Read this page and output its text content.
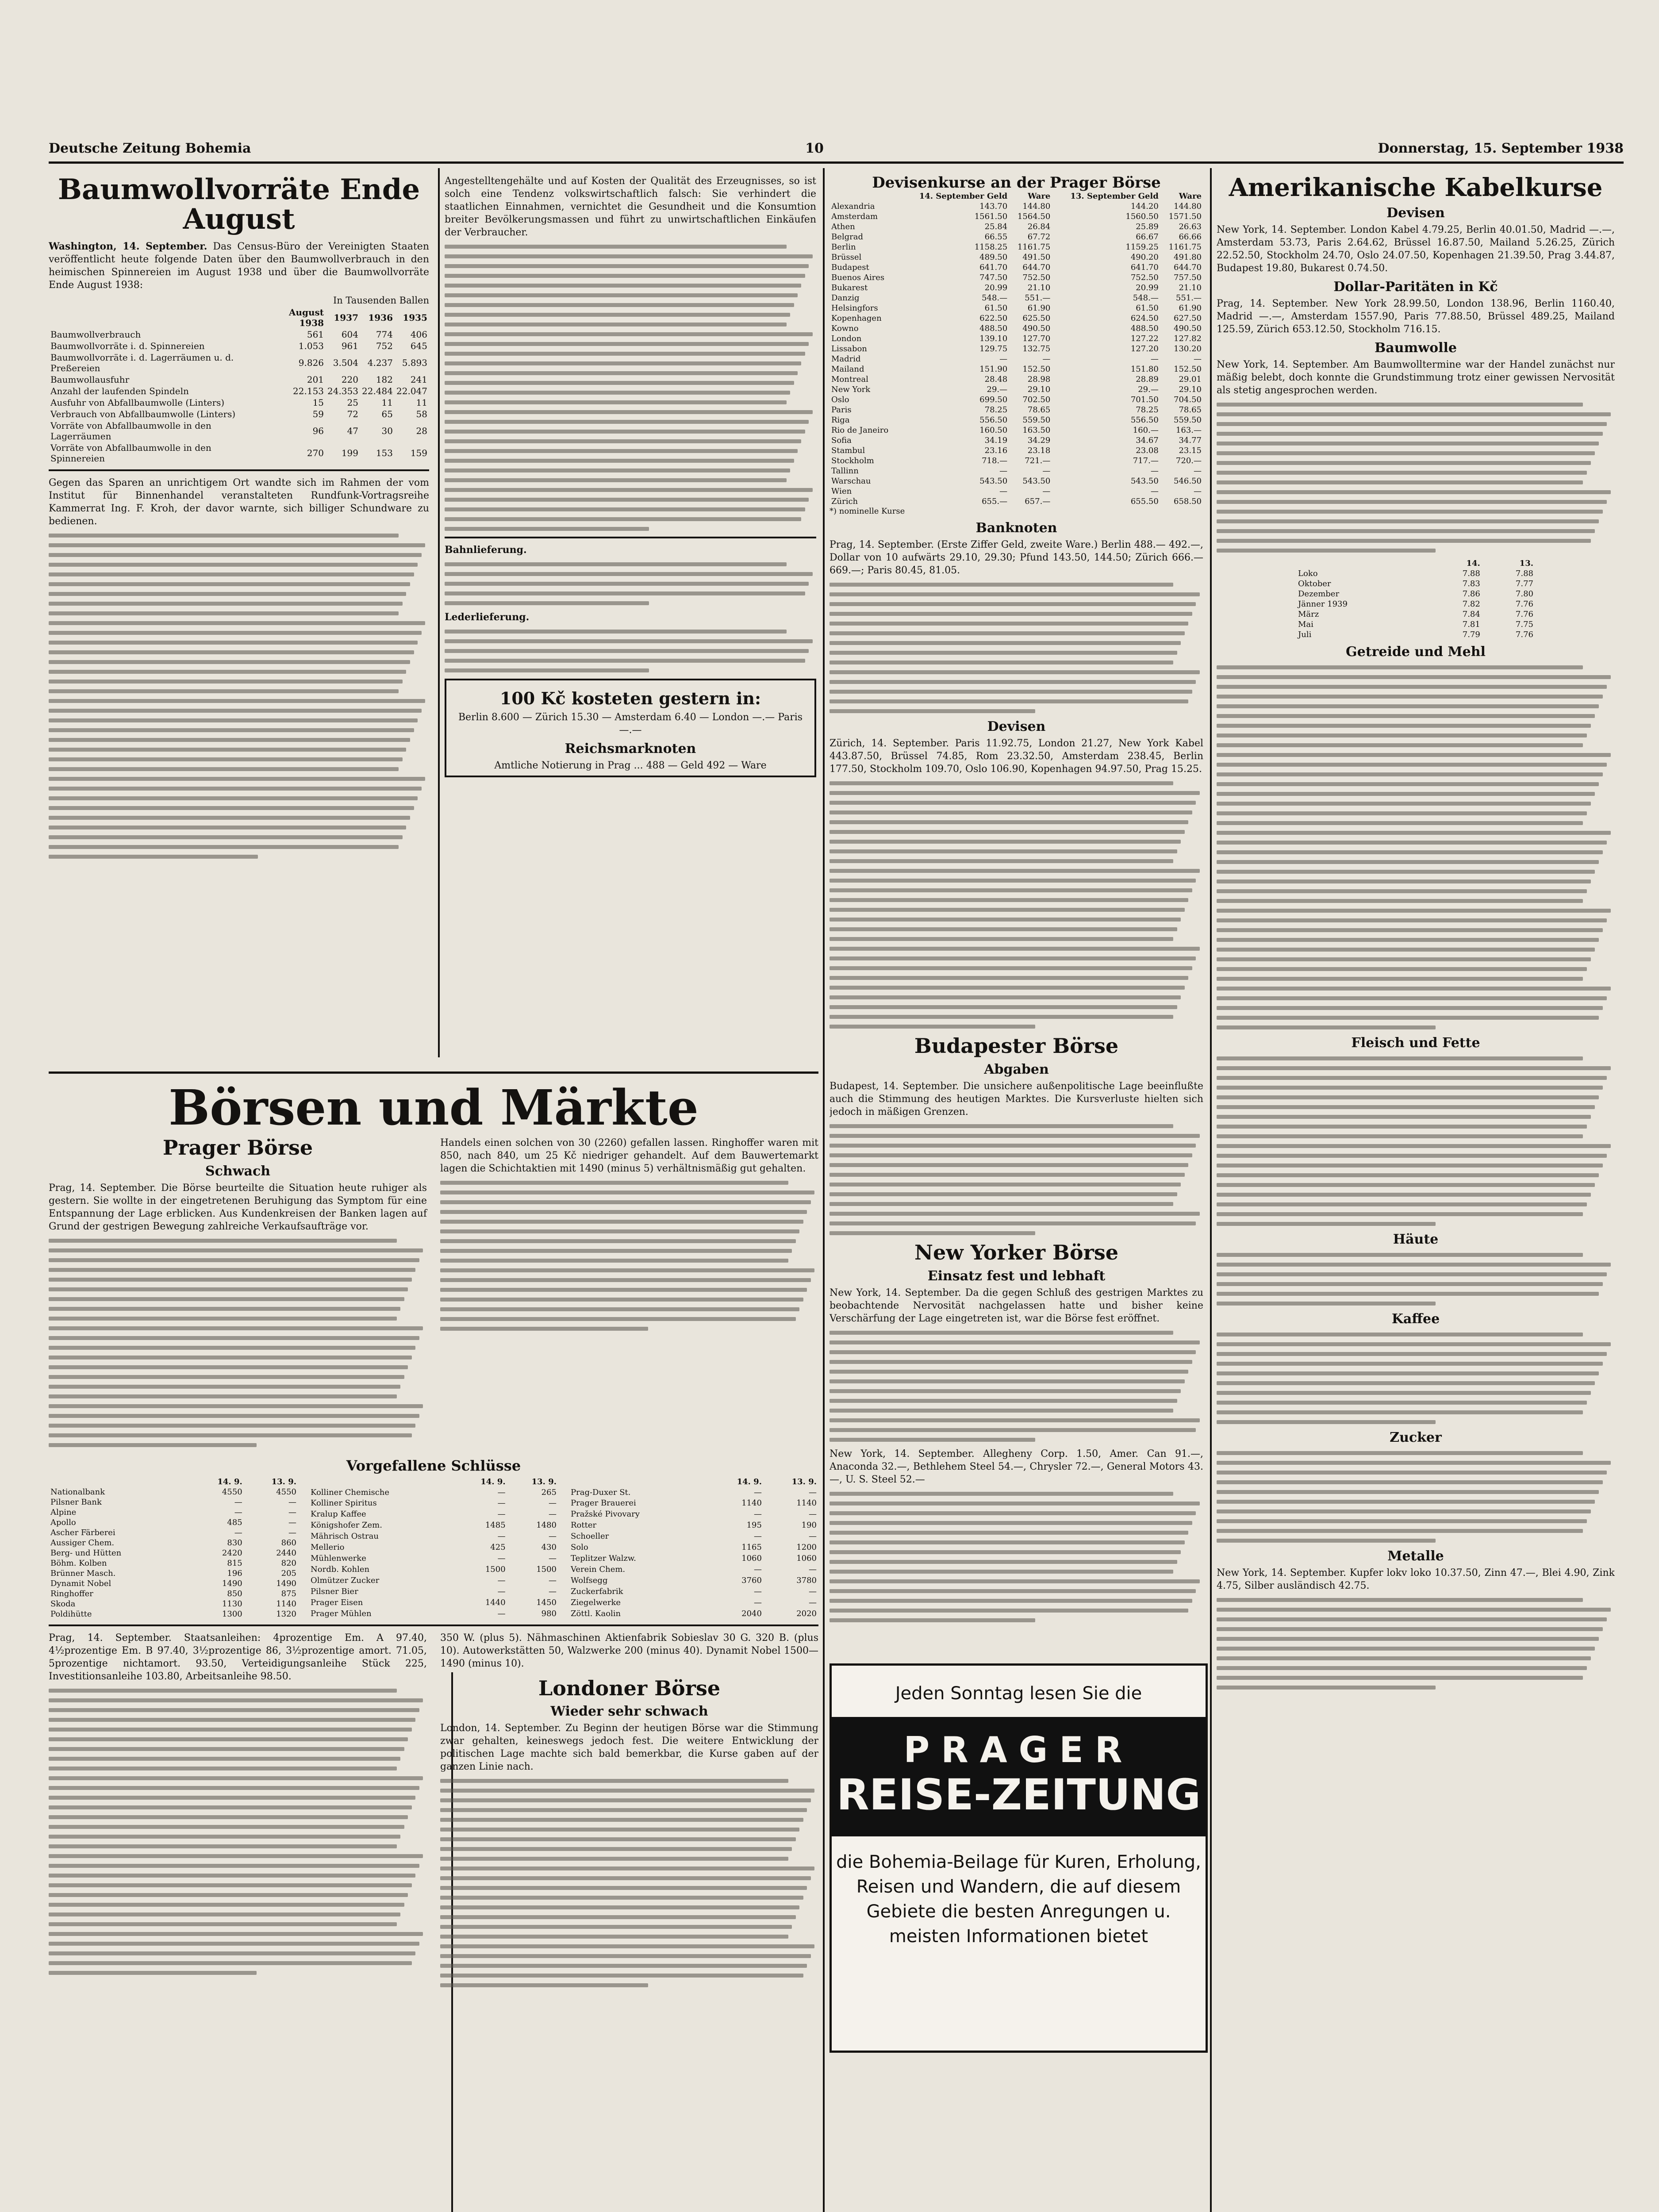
Deutsche Zeitung Bohemia	10	Donnerstag, 15. September 1938
Baumwollvorräte Ende August

Washington, 14. September. Das Census-Büro der Vereinigten Staaten veröffentlicht heute folgende Daten über den Baumwollverbrauch in den heimischen Spinnereien im August 1938 und über die Baumwollvorräte Ende August 1938:

In Tausenden Ballen
	August 1938	1937	1936	1935
Baumwollverbrauch	561	604	774	406
Baumwollvorräte i. d. Spinnereien	1.053	961	752	645
Baumwollvorräte i. d. Lagerräumen u. d. Preßereien	9.826	3.504	4.237	5.893
Baumwollausfuhr	201	220	182	241
Anzahl der laufenden Spindeln	22.153	24.353	22.484	22.047
Ausfuhr von Abfallbaumwolle (Linters)	15	25	11	11
Verbrauch von Abfallbaumwolle (Linters)	59	72	65	58
Vorräte von Abfallbaumwolle in den Lagerräumen	96	47	30	28
Vorräte von Abfallbaumwolle in den Spinnereien	270	199	153	159

Gegen das Sparen an unrichtigem Ort wandte sich im Rahmen der vom Institut für Binnenhandel veranstalteten Rundfunk-Vortragsreihe Kammerrat Ing. F. Kroh, der davor warnte, sich billiger Schundware zu bedienen.

Angestelltengehälte und auf Kosten der Qualität des Erzeugnisses, so ist solch eine Tendenz volkswirtschaftlich falsch: Sie verhindert die staatlichen Einnahmen, vernichtet die Gesundheit und die Konsumtion breiter Bevölkerungsmassen und führt zu unwirtschaftlichen Einkäufen der Verbraucher.

Bahnlieferung.

Lederlieferung.

100 Kč kosteten gestern in:

Berlin 8.600 — Zürich 15.30 — Amsterdam 6.40 — London —.— Paris —.—

Reichsmarknoten

Amtliche Notierung in Prag ... 488 — Geld 492 — Ware

Devisenkurse an der Prager Börse
	14. September Geld	Ware	13. September Geld	Ware
Alexandria	143.70	144.80	144.20	144.80
Amsterdam	1561.50	1564.50	1560.50	1571.50
Athen	25.84	26.84	25.89	26.63
Belgrad	66.55	67.72	66.67	66.66
Berlin	1158.25	1161.75	1159.25	1161.75
Brüssel	489.50	491.50	490.20	491.80
Budapest	641.70	644.70	641.70	644.70
Buenos Aires	747.50	752.50	752.50	757.50
Bukarest	20.99	21.10	20.99	21.10
Danzig	548.—	551.—	548.—	551.—
Helsingfors	61.50	61.90	61.50	61.90
Kopenhagen	622.50	625.50	624.50	627.50
Kowno	488.50	490.50	488.50	490.50
London	139.10	127.70	127.22	127.82
Lissabon	129.75	132.75	127.20	130.20
Madrid	—	—	—	—
Mailand	151.90	152.50	151.80	152.50
Montreal	28.48	28.98	28.89	29.01
New York	29.—	29.10	29.—	29.10
Oslo	699.50	702.50	701.50	704.50
Paris	78.25	78.65	78.25	78.65
Riga	556.50	559.50	556.50	559.50
Rio de Janeiro	160.50	163.50	160.—	163.—
Sofia	34.19	34.29	34.67	34.77
Stambul	23.16	23.18	23.08	23.15
Stockholm	718.—	721.—	717.—	720.—
Tallinn	—	—	—	—
Warschau	543.50	543.50	543.50	546.50
Wien	—	—	—	—
Zürich	655.—	657.—	655.50	658.50
*) nominelle Kurse
Banknoten

Prag, 14. September. (Erste Ziffer Geld, zweite Ware.) Berlin 488.— 492.—, Dollar von 10 aufwärts 29.10, 29.30; Pfund 143.50, 144.50; Zürich 666.— 669.—; Paris 80.45, 81.05.

Devisen

Zürich, 14. September. Paris 11.92.75, London 21.27, New York Kabel 443.87.50, Brüssel 74.85, Rom 23.32.50, Amsterdam 238.45, Berlin 177.50, Stockholm 109.70, Oslo 106.90, Kopenhagen 94.97.50, Prag 15.25.

Budapester Börse
Abgaben

Budapest, 14. September. Die unsichere außenpolitische Lage beeinflußte auch die Stimmung des heutigen Marktes. Die Kursverluste hielten sich jedoch in mäßigen Grenzen.

New Yorker Börse
Einsatz fest und lebhaft

New York, 14. September. Da die gegen Schluß des gestrigen Marktes zu beobachtende Nervosität nachgelassen hatte und bisher keine Verschärfung der Lage eingetreten ist, war die Börse fest eröffnet.

New York, 14. September. Allegheny Corp. 1.50, Amer. Can 91.—, Anaconda 32.—, Bethlehem Steel 54.—, Chrysler 72.—, General Motors 43.—, U. S. Steel 52.—

Jeden Sonntag lesen Sie die
PRAGER
REISE-ZEITUNG
die Bohemia-Beilage für Kuren, Erholung, Reisen und Wandern, die auf diesem Gebiete die besten Anregungen u. meisten Informationen bietet
Amerikanische Kabelkurse
Devisen

New York, 14. September. London Kabel 4.79.25, Berlin 40.01.50, Madrid —.—, Amsterdam 53.73, Paris 2.64.62, Brüssel 16.87.50, Mailand 5.26.25, Zürich 22.52.50, Stockholm 24.70, Oslo 24.07.50, Kopenhagen 21.39.50, Prag 3.44.87, Budapest 19.80, Bukarest 0.74.50.

Dollar-Paritäten in Kč

Prag, 14. September. New York 28.99.50, London 138.96, Berlin 1160.40, Madrid —.—, Amsterdam 1557.90, Paris 77.88.50, Brüssel 489.25, Mailand 125.59, Zürich 653.12.50, Stockholm 716.15.

Baumwolle

New York, 14. September. Am Baumwolltermine war der Handel zunächst nur mäßig belebt, doch konnte die Grundstimmung trotz einer gewissen Nervosität als stetig angesprochen werden.

	14.	13.
Loko	7.88	7.88
Oktober	7.83	7.77
Dezember	7.86	7.80
Jänner 1939	7.82	7.76
März	7.84	7.76
Mai	7.81	7.75
Juli	7.79	7.76
Getreide und Mehl
Fleisch und Fette
Häute
Kaffee
Zucker
Metalle

New York, 14. September. Kupfer lokv loko 10.37.50, Zinn 47.—, Blei 4.90, Zink 4.75, Silber ausländisch 42.75.

Börsen und Märkte
Prager Börse
Schwach

Prag, 14. September. Die Börse beurteilte die Situation heute ruhiger als gestern. Sie wollte in der eingetretenen Beruhigung das Symptom für eine Entspannung der Lage erblicken. Aus Kundenkreisen der Banken lagen auf Grund der gestrigen Bewegung zahlreiche Verkaufsaufträge vor.

Handels einen solchen von 30 (2260) gefallen lassen. Ringhoffer waren mit 850, nach 840, um 25 Kč niedriger gehandelt. Auf dem Bauwertemarkt lagen die Schichtaktien mit 1490 (minus 5) verhältnismäßig gut gehalten.

Vorgefallene Schlüsse
	14. 9.	13. 9.
Nationalbank	4550	4550
Pilsner Bank	—	—
Alpine	—	—
Apollo	485	—
Ascher Färberei	—	—
Aussiger Chem.	830	860
Berg- und Hütten	2420	2440
Böhm. Kolben	815	820
Brünner Masch.	196	205
Dynamit Nobel	1490	1490
Ringhoffer	850	875
Skoda	1130	1140
Poldihütte	1300	1320
	14. 9.	13. 9.
Kolliner Chemische	—	265
Kolliner Spiritus	—	—
Kralup Kaffee	—	—
Königshofer Zem.	1485	1480
Mährisch Ostrau	—	—
Mellerio	425	430
Mühlenwerke	—	—
Nordb. Kohlen	1500	1500
Olmützer Zucker	—	—
Pilsner Bier	—	—
Prager Eisen	1440	1450
Prager Mühlen	—	980
	14. 9.	13. 9.
Prag-Duxer St.	—	—
Prager Brauerei	1140	1140
Pražské Pivovary	—	—
Rotter	195	190
Schoeller	—	—
Solo	1165	1200
Teplitzer Walzw.	1060	1060
Verein Chem.	—	—
Wolfsegg	3760	3780
Zuckerfabrik	—	—
Ziegelwerke	—	—
Zöttl. Kaolin	2040	2020

Prag, 14. September. Staatsanleihen: 4prozentige Em. A 97.40, 4½prozentige Em. B 97.40, 3½prozentige 86, 3½prozentige amort. 71.05, 5prozentige nichtamort. 93.50, Verteidigungsanleihe Stück 225, Investitionsanleihe 103.80, Arbeitsanleihe 98.50.

350 W. (plus 5). Nähmaschinen Aktienfabrik Sobieslav 30 G. 320 B. (plus 10). Autowerkstätten 50, Walzwerke 200 (minus 40). Dynamit Nobel 1500—1490 (minus 10).

Londoner Börse
Wieder sehr schwach

London, 14. September. Zu Beginn der heutigen Börse war die Stimmung zwar gehalten, keineswegs jedoch fest. Die weitere Entwicklung der politischen Lage machte sich bald bemerkbar, die Kurse gaben auf der ganzen Linie nach.
